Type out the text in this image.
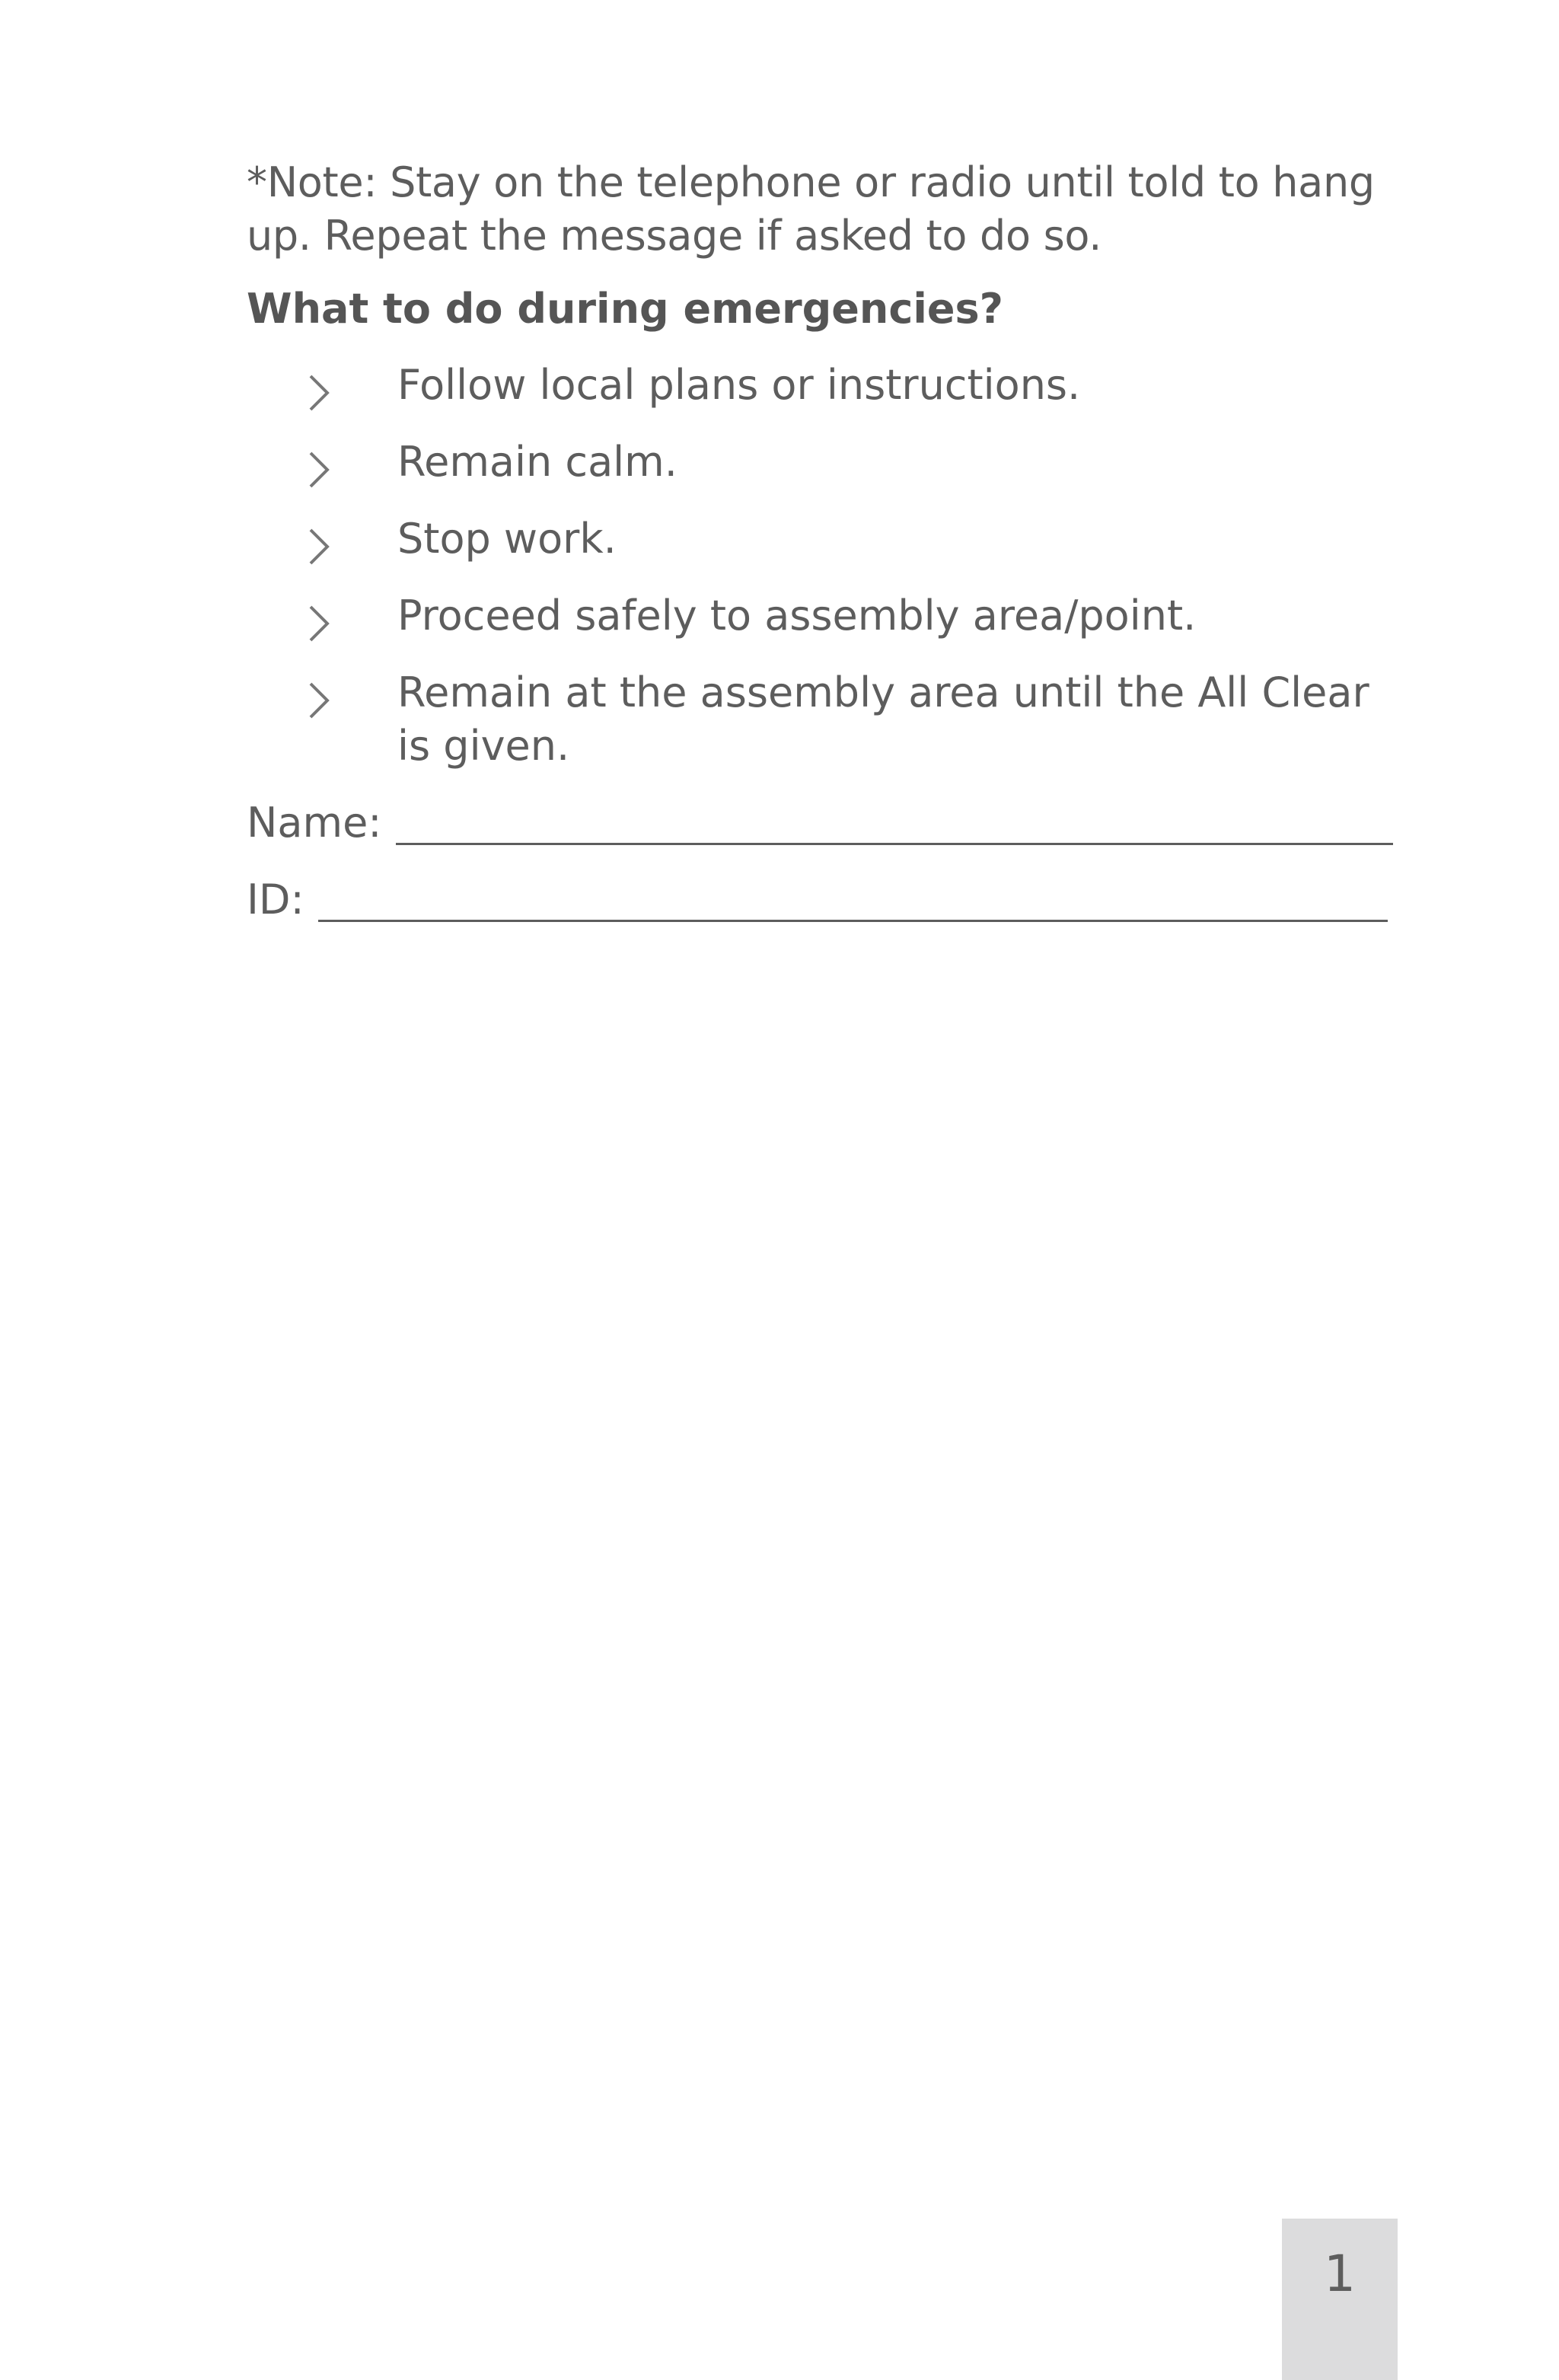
*Note: Stay on the telephone or radio until told to hang up. Repeat the message if asked to do so.

What to do during emergencies?
Follow local plans or instructions.
Remain calm.
Stop work.
Proceed safely to assembly area/point.
Remain at the assembly area until the All Clear is given.
Name:
ID:
1
